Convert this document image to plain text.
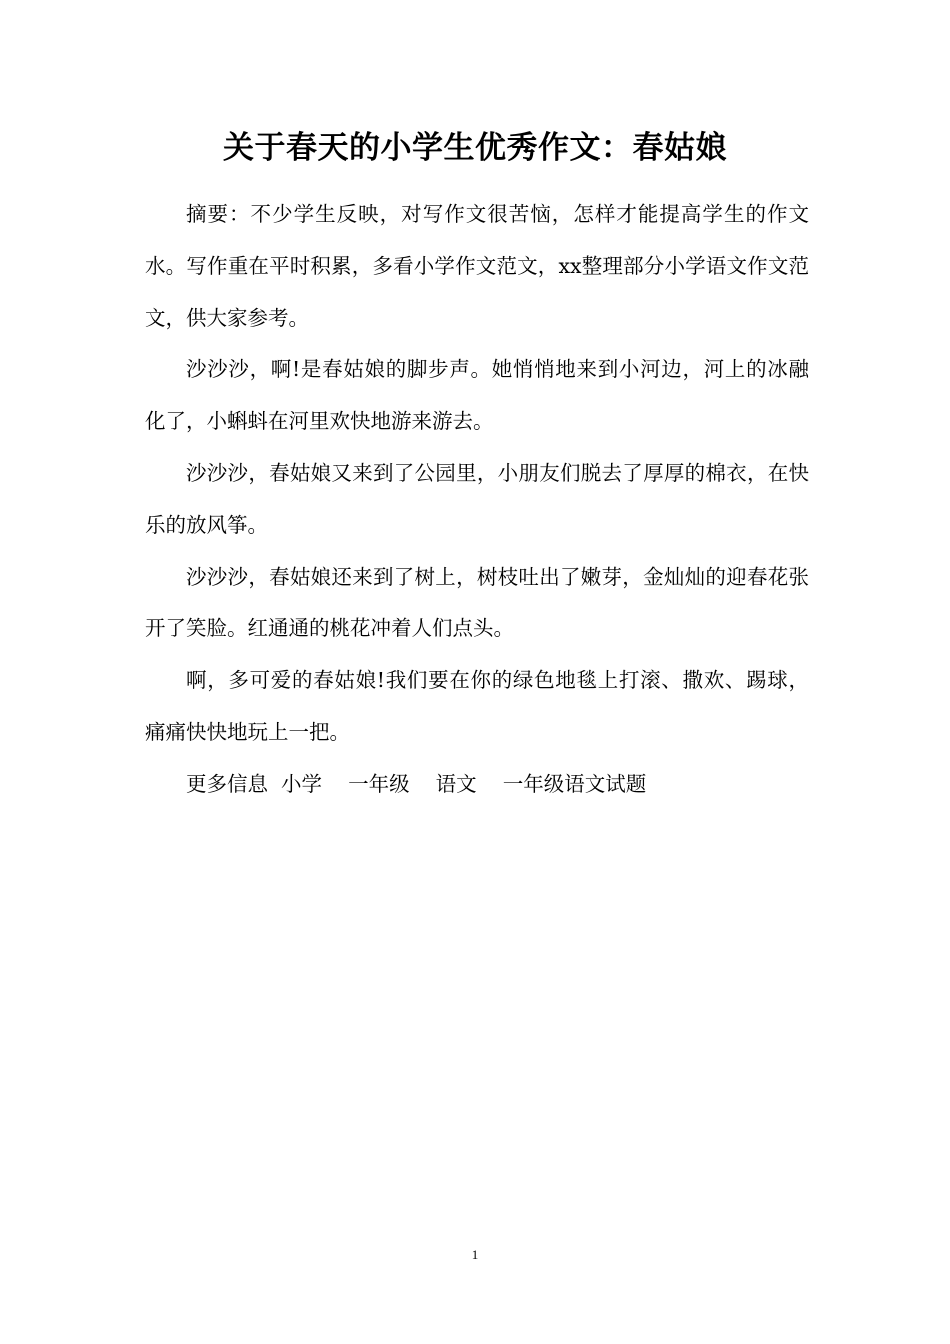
关于春天的小学生优秀作文：春姑娘

摘要：不少学生反映，对写作文很苦恼，怎样才能提高学生的作文水。写作重在平时积累，多看小学作文范文，xx整理部分小学语文作文范文，供大家参考。

沙沙沙，啊!是春姑娘的脚步声。她悄悄地来到小河边，河上的冰融化了，小蝌蚪在河里欢快地游来游去。

沙沙沙，春姑娘又来到了公园里，小朋友们脱去了厚厚的棉衣，在快乐的放风筝。

沙沙沙，春姑娘还来到了树上，树枝吐出了嫩芽，金灿灿的迎春花张开了笑脸。红通通的桃花冲着人们点头。

啊，多可爱的春姑娘!我们要在你的绿色地毯上打滚、撒欢、踢球，痛痛快快地玩上一把。

更多信息  小学    一年级    语文    一年级语文试题

1
